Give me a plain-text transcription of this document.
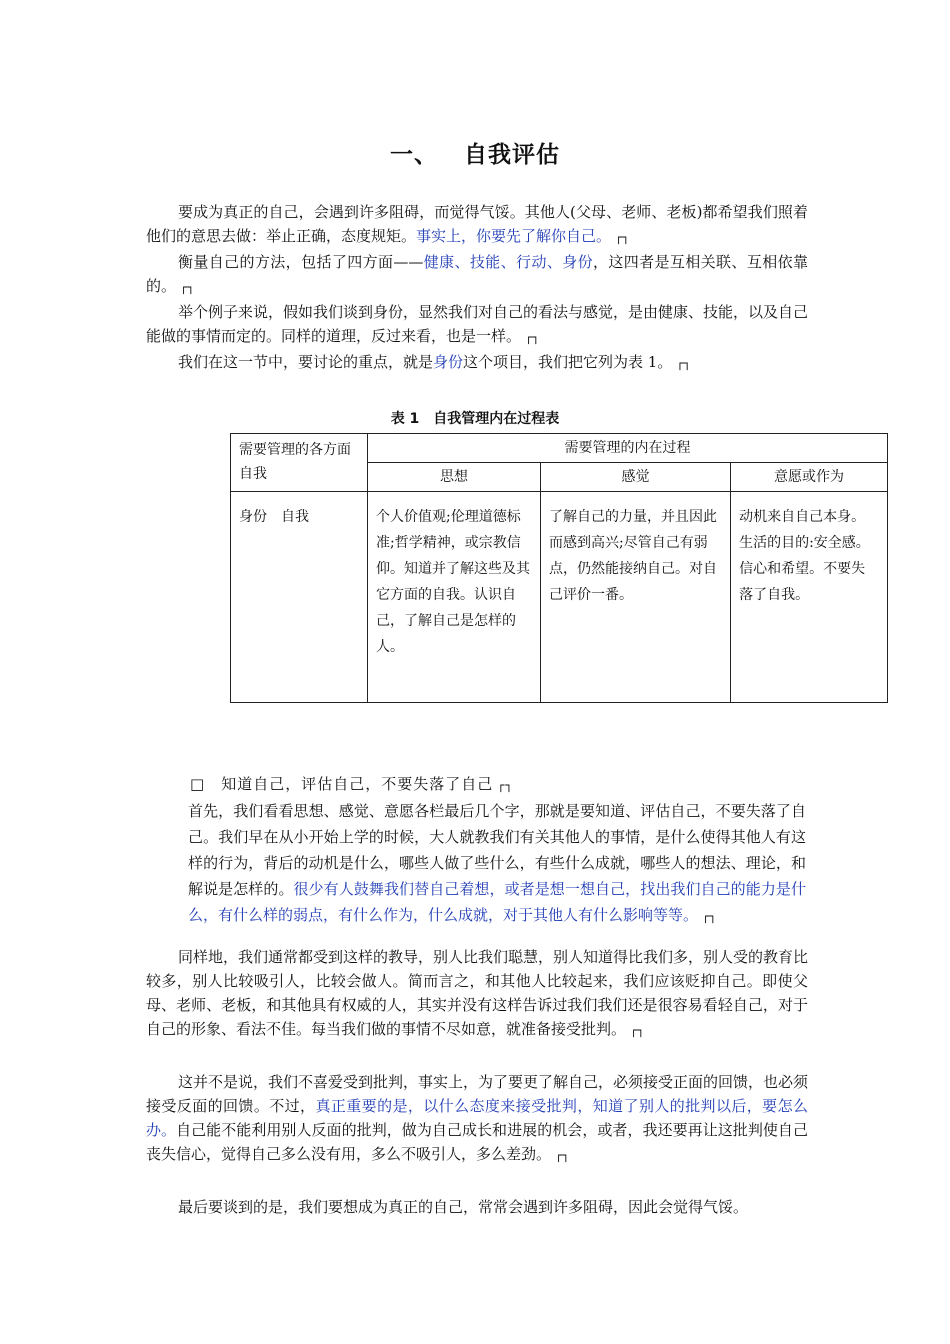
一、 自我评估

要成为真正的自己，会遇到许多阻碍，而觉得气馁。其他人(父母、老师、老板)都希望我们照着他们的意思去做：举止正确，态度规矩。事实上，你要先了解你自己。 ┌┐

衡量自己的方法，包括了四方面——健康、技能、行动、身份，这四者是互相关联、互相依靠的。 ┌┐

举个例子来说，假如我们谈到身份，显然我们对自己的看法与感觉，是由健康、技能，以及自己能做的事情而定的。同样的道理，反过来看，也是一样。 ┌┐

我们在这一节中，要讨论的重点，就是身份这个项目，我们把它列为表 1。 ┌┐

表 1　自我管理内在过程表
需要管理的各方面自我	需要管理的内在过程		
	思想	感觉	意愿或作为
身份　自我	个人价值观;伦理道德标准;哲学精神，或宗教信仰。知道并了解这些及其它方面的自我。认识自己，了解自己是怎样的人。	了解自己的力量，并且因此而感到高兴;尽管自己有弱点，仍然能接纳自己。对自己评价一番。	动机来自自己本身。生活的目的:安全感。信心和希望。不要失落了自我。
□ 知道自己，评估自己，不要失落了自己 ┌┐

首先，我们看看思想、感觉、意愿各栏最后几个字，那就是要知道、评估自己，不要失落了自己。我们早在从小开始上学的时候，大人就教我们有关其他人的事情，是什么使得其他人有这样的行为，背后的动机是什么，哪些人做了些什么，有些什么成就，哪些人的想法、理论，和解说是怎样的。很少有人鼓舞我们替自己着想，或者是想一想自己，找出我们自己的能力是什么，有什么样的弱点，有什么作为，什么成就，对于其他人有什么影响等等。 ┌┐

同样地，我们通常都受到这样的教导，别人比我们聪慧，别人知道得比我们多，别人受的教育比较多，别人比较吸引人，比较会做人。简而言之，和其他人比较起来，我们应该贬抑自己。即使父母、老师、老板，和其他具有权威的人，其实并没有这样告诉过我们我们还是很容易看轻自己，对于自己的形象、看法不佳。每当我们做的事情不尽如意，就准备接受批判。 ┌┐

这并不是说，我们不喜爱受到批判，事实上，为了要更了解自己，必须接受正面的回馈，也必须接受反面的回馈。不过，真正重要的是，以什么态度来接受批判，知道了别人的批判以后，要怎么办。自己能不能利用别人反面的批判，做为自己成长和进展的机会，或者，我还要再让这批判使自己丧失信心，觉得自己多么没有用，多么不吸引人，多么差劲。 ┌┐

最后要谈到的是，我们要想成为真正的自己，常常会遇到许多阻碍，因此会觉得气馁。
